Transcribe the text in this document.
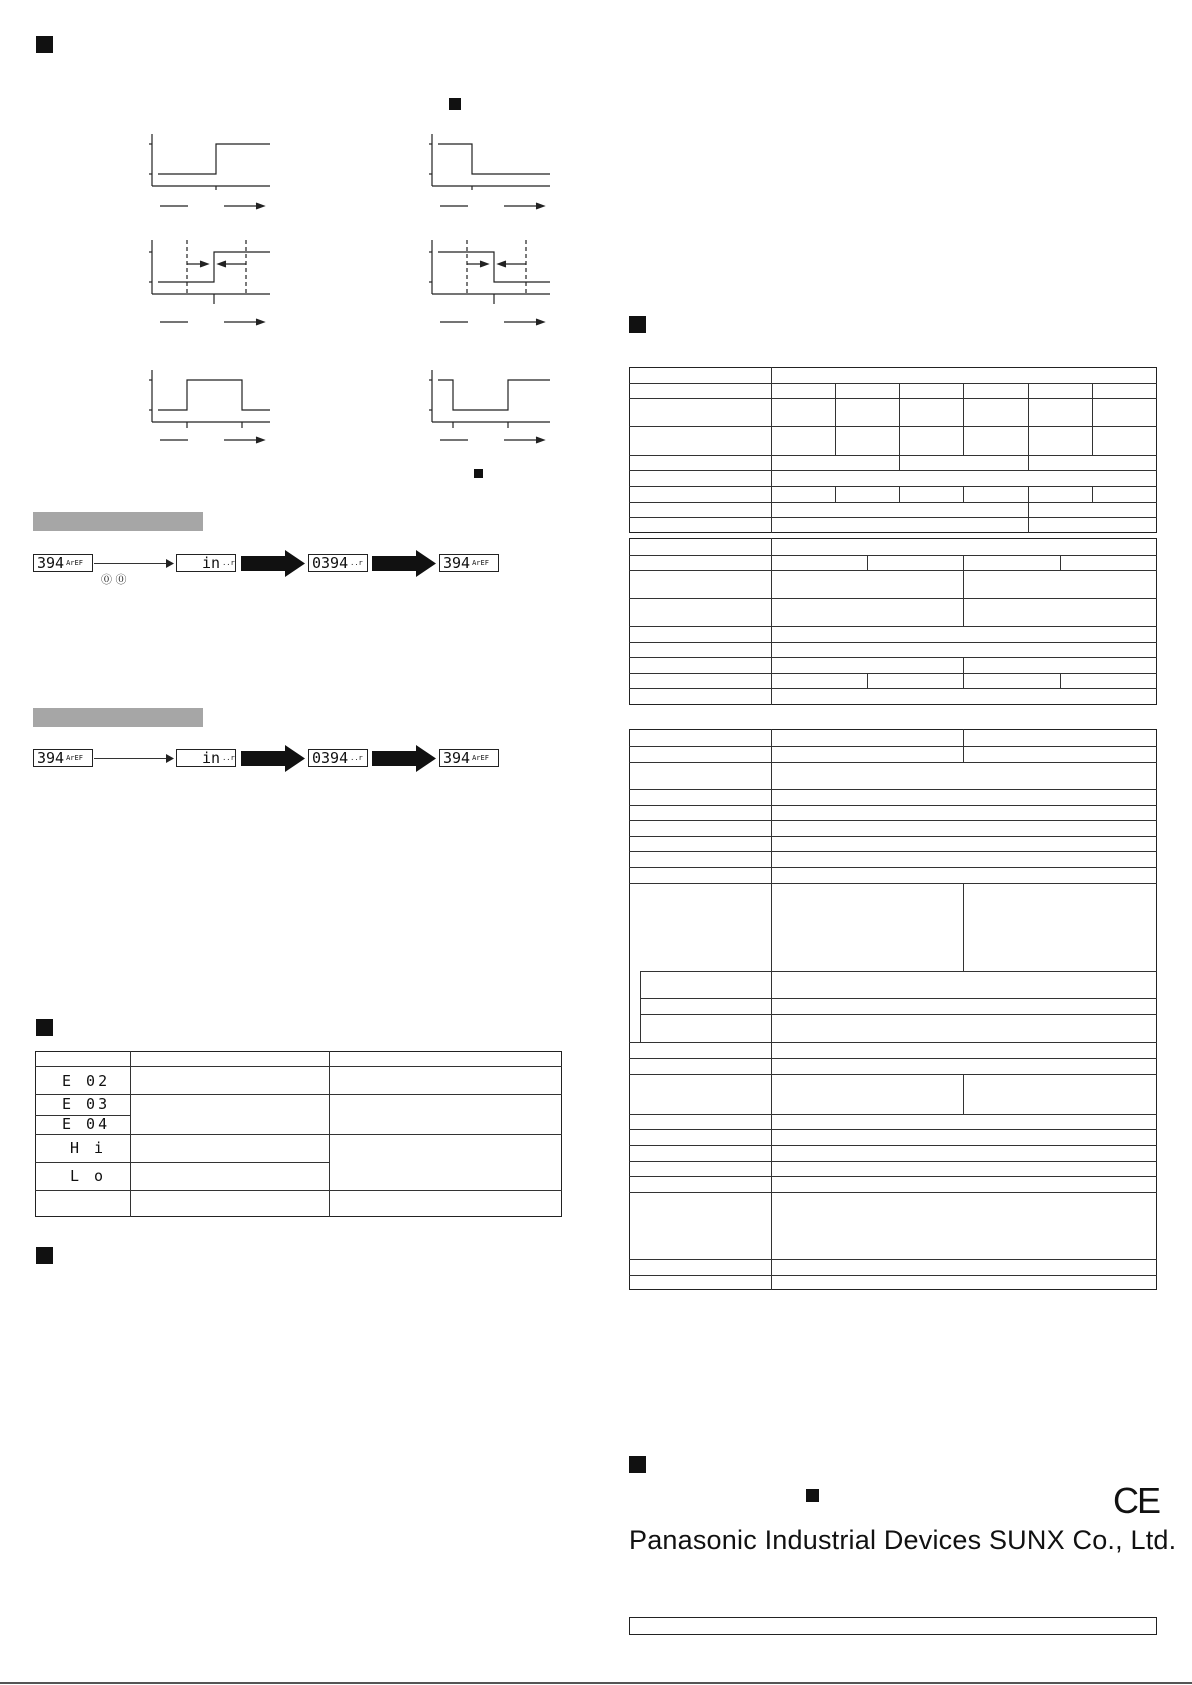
394 ArEF
⓪ ⓪
in ..r	0394 ..r	394 ArEF
394 ArEF	in ..r	0394 ..r	394 ArEF
E 02
E 03
E 04
H i
L o
CE
Panasonic Industrial Devices SUNX Co., Ltd.
